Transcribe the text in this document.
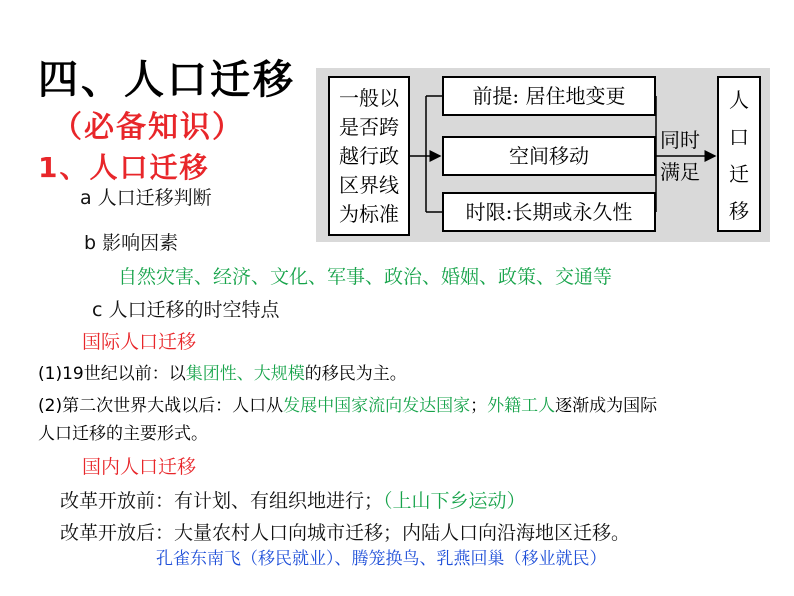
四、人口迁移
（必备知识）
1、人口迁移
一般以
是否跨
越行政
区界线
为标准
前提: 居住地变更
空间移动
时限:长期或永久性
同时
满足
人
口
迁
移
a 人口迁移判断
b 影响因素
自然灾害、经济、文化、军事、政治、婚姻、政策、交通等
c 人口迁移的时空特点
国际人口迁移
(1)19世纪以前：以集团性、大规模的移民为主。
(2)第二次世界大战以后：人口从发展中国家流向发达国家；外籍工人逐渐成为国际
人口迁移的主要形式。
国内人口迁移
改革开放前：有计划、有组织地进行；（上山下乡运动）
改革开放后：大量农村人口向城市迁移；内陆人口向沿海地区迁移。
孔雀东南飞（移民就业）、腾笼换鸟、乳燕回巢（移业就民）
